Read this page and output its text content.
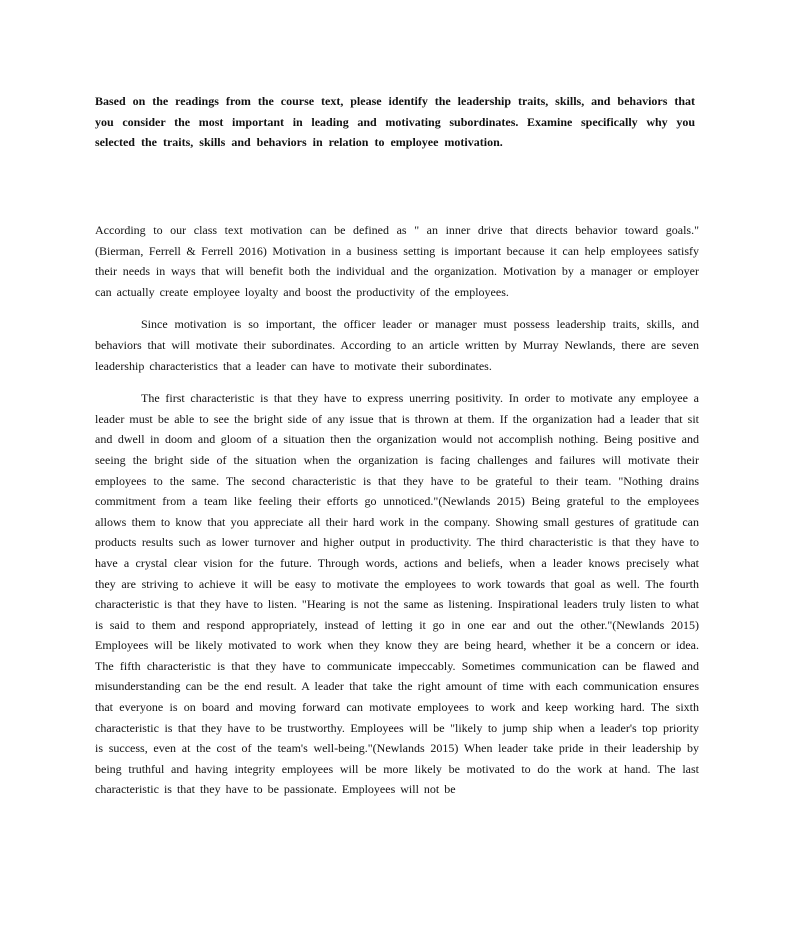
Based on the readings from the course text, please identify the leadership traits, skills, and behaviors that you consider the most important in leading and motivating subordinates. Examine specifically why you selected the traits, skills and behaviors in relation to employee motivation.

According to our class text motivation can be defined as " an inner drive that directs behavior toward goals." (Bierman, Ferrell & Ferrell 2016) Motivation in a business setting is important because it can help employees satisfy their needs in ways that will benefit both the individual and the organization. Motivation by a manager or employer can actually create employee loyalty and boost the productivity of the employees.

Since motivation is so important, the officer leader or manager must possess leadership traits, skills, and behaviors that will motivate their subordinates. According to an article written by Murray Newlands, there are seven leadership characteristics that a leader can have to motivate their subordinates.

The first characteristic is that they have to express unerring positivity. In order to motivate any employee a leader must be able to see the bright side of any issue that is thrown at them. If the organization had a leader that sit and dwell in doom and gloom of a situation then the organization would not accomplish nothing. Being positive and seeing the bright side of the situation when the organization is facing challenges and failures will motivate their employees to the same. The second characteristic is that they have to be grateful to their team. "Nothing drains commitment from a team like feeling their efforts go unnoticed."(Newlands 2015) Being grateful to the employees allows them to know that you appreciate all their hard work in the company. Showing small gestures of gratitude can products results such as lower turnover and higher output in productivity. The third characteristic is that they have to have a crystal clear vision for the future. Through words, actions and beliefs, when a leader knows precisely what they are striving to achieve it will be easy to motivate the employees to work towards that goal as well. The fourth characteristic is that they have to listen. "Hearing is not the same as listening. Inspirational leaders truly listen to what is said to them and respond appropriately, instead of letting it go in one ear and out the other."(Newlands 2015) Employees will be likely motivated to work when they know they are being heard, whether it be a concern or idea. The fifth characteristic is that they have to communicate impeccably. Sometimes communication can be flawed and misunderstanding can be the end result. A leader that take the right amount of time with each communication ensures that everyone is on board and moving forward can motivate employees to work and keep working hard. The sixth characteristic is that they have to be trustworthy. Employees will be "likely to jump ship when a leader's top priority is success, even at the cost of the team's well-being."(Newlands 2015) When leader take pride in their leadership by being truthful and having integrity employees will be more likely be motivated to do the work at hand. The last characteristic is that they have to be passionate. Employees will not be
